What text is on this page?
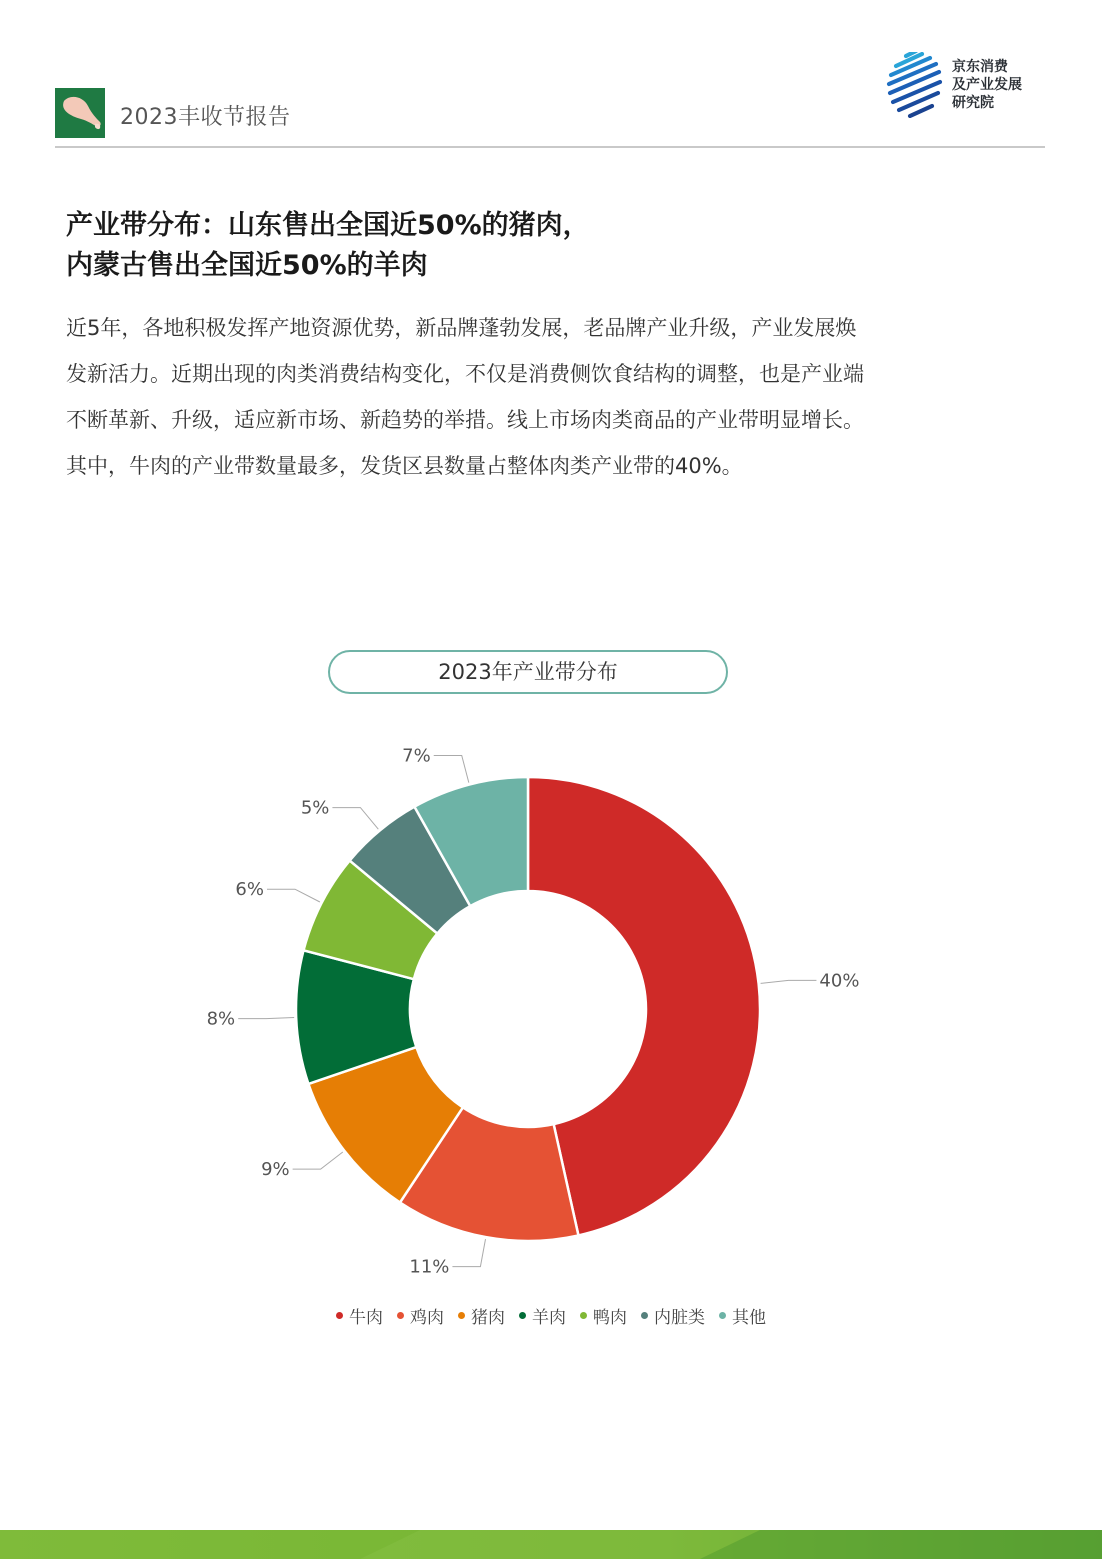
2023丰收节报告
京东消费
及产业发展
研究院
产业带分布：山东售出全国近50%的猪肉，
内蒙古售出全国近50%的羊肉
近5年，各地积极发挥产地资源优势，新品牌蓬勃发展，老品牌产业升级，产业发展焕
发新活力。近期出现的肉类消费结构变化，不仅是消费侧饮食结构的调整，也是产业端
不断革新、升级，适应新市场、新趋势的举措。线上市场肉类商品的产业带明显增长。
其中，牛肉的产业带数量最多，发货区县数量占整体肉类产业带的40%。
2023年产业带分布
40%
11%
9%
8%
6%
5%
7%
牛肉 鸡肉 猪肉 羊肉 鸭肉 内脏类 其他
